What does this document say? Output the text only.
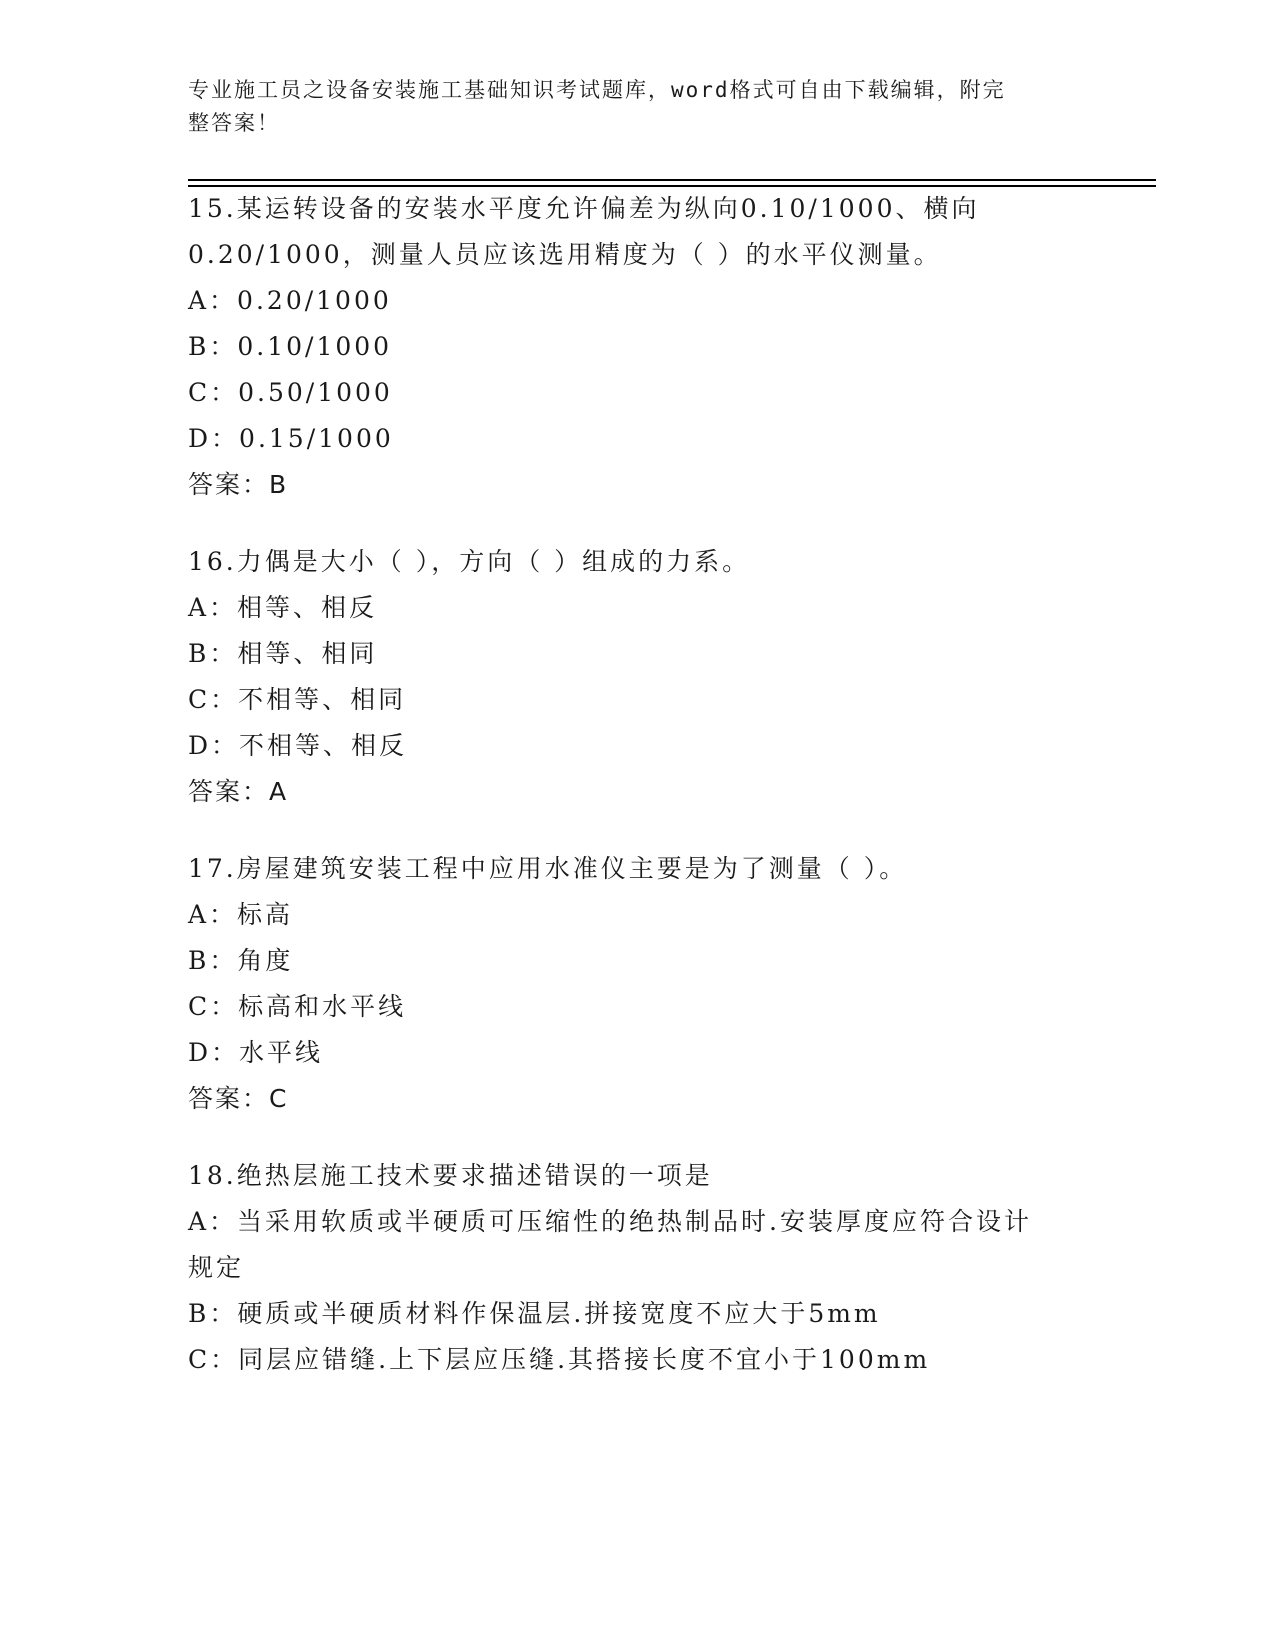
专业施工员之设备安装施工基础知识考试题库，word格式可自由下载编辑，附完
整答案！
15.某运转设备的安装水平度允许偏差为纵向0.10/1000、横向
0.20/1000，测量人员应该选用精度为（ ）的水平仪测量。
A：0.20/1000
B：0.10/1000
C：0.50/1000
D：0.15/1000
答案：B
16.力偶是大小（ ），方向（ ）组成的力系。
A：相等、相反
B：相等、相同
C：不相等、相同
D：不相等、相反
答案：A
17.房屋建筑安装工程中应用水准仪主要是为了测量（ ）。
A：标高
B：角度
C：标高和水平线
D：水平线
答案：C
18.绝热层施工技术要求描述错误的一项是
A：当采用软质或半硬质可压缩性的绝热制品时.安装厚度应符合设计
规定
B：硬质或半硬质材料作保温层.拼接宽度不应大于5mm
C：同层应错缝.上下层应压缝.其搭接长度不宜小于100mm
